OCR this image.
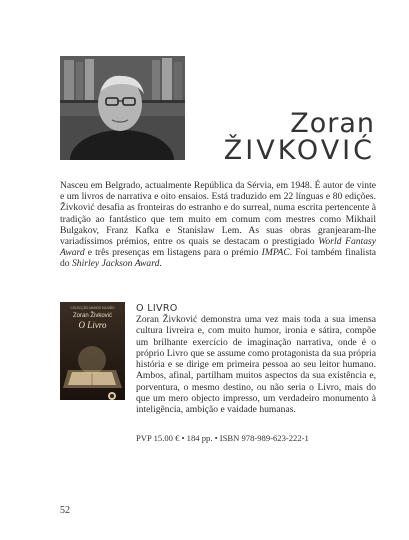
Zoran
ŽIVKOVIĆ

Nasceu em Belgrado, actualmente República da Sérvia, em 1948. É autor de vinte e um livros de narrativa e oito ensaios. Está traduzido em 22 línguas e 80 edições. Živković desafia as fronteiras do estranho e do surreal, numa escrita pertencente à tradição ao fantástico que tem muito em comum com mestres como Mikhail Bulgakov, Franz Kafka e Stanislaw Lem. As suas obras granjearam-lhe variadíssimos prémios, entre os quais se destacam o prestigiado World Fantasy Award e três presenças em listagens para o prémio IMPAC. Foi também finalista do Shirley Jackson Award.

COLECÇÃO MUNDO NA MÃO
Zoran Živković
O Livro
O LIVRO

Zoran Živković demonstra uma vez mais toda a sua imensa cultura livreira e, com muito humor, ironia e sátira, compõe um brilhante exercício de imaginação narrativa, onde é o próprio Livro que se assume como protagonista da sua própria história e se dirige em primeira pessoa ao seu leitor humano. Ambos, afinal, partilham muitos aspectos da sua existência e, porventura, o mesmo destino, ou não seria o Livro, mais do que um mero objecto impresso, um verdadeiro monumento à inteligência, ambição e vaidade humanas.

PVP 15.00 € • 184 pp. • ISBN 978-989-623-222-1

52
